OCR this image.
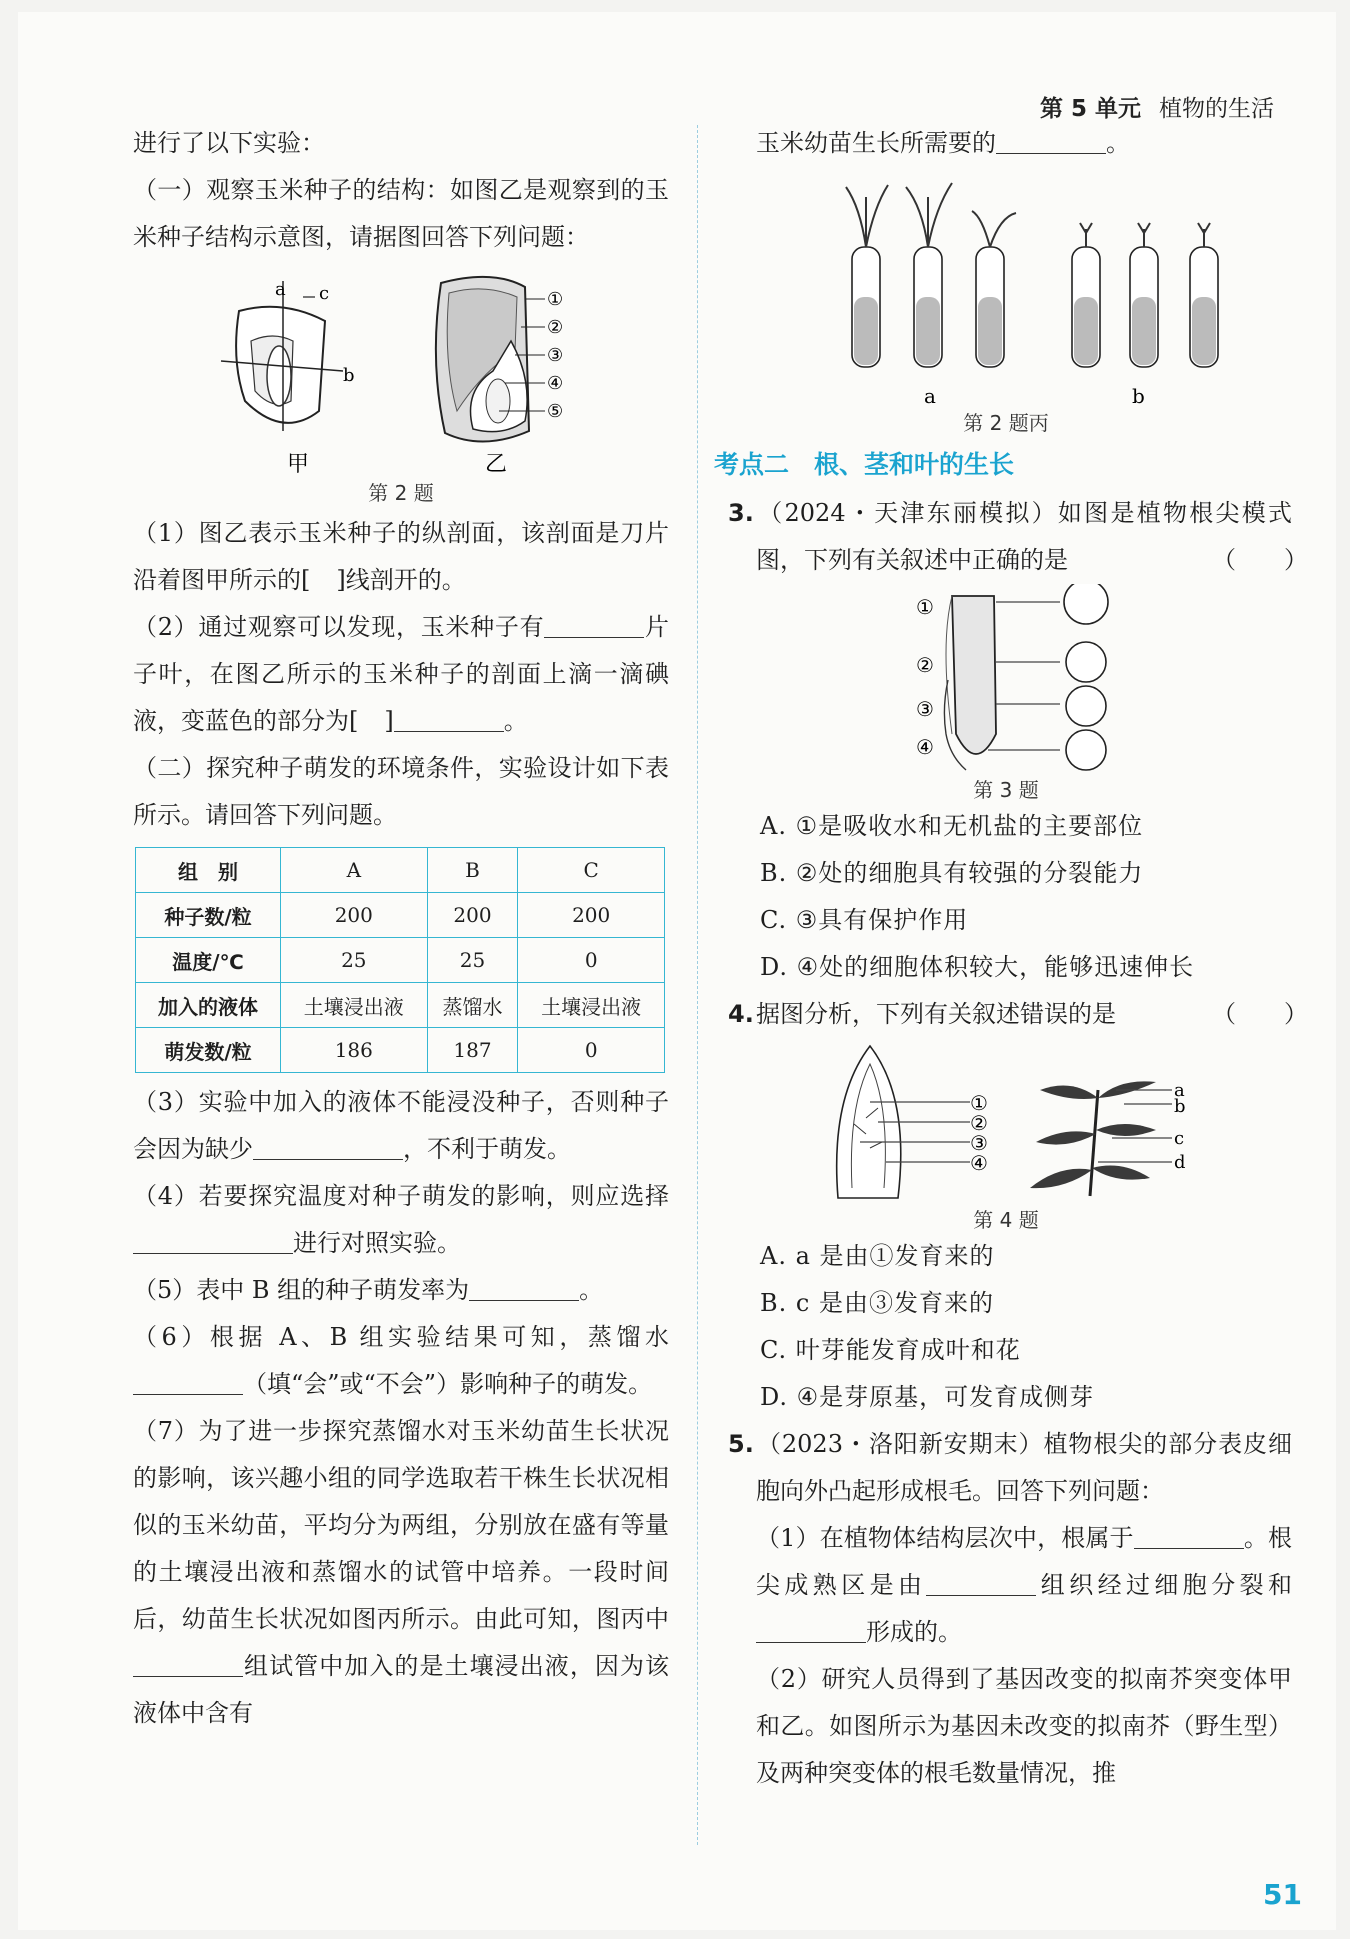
第 5 单元 植物的生活

进行了以下实验：

（一）观察玉米种子的结构：如图乙是观察到的玉米种子结构示意图，请据图回答下列问题：

a c
b
甲
①
②
③
④
⑤
乙
第 2 题

（1）图乙表示玉米种子的纵剖面，该剖面是刀片沿着图甲所示的[ ]线剖开的。

（2）通过观察可以发现，玉米种子有	片子叶，在图乙所示的玉米种子的剖面上滴一滴碘液，变蓝色的部分为[ ]	。

（二）探究种子萌发的环境条件，实验设计如下表所示。请回答下列问题。

组　别	A	B	C
种子数/粒	200	200	200
温度/℃	25	25	0
加入的液体	土壤浸出液	蒸馏水	土壤浸出液
萌发数/粒	186	187	0

（3）实验中加入的液体不能浸没种子，否则种子会因为缺少	，不利于萌发。

（4）若要探究温度对种子萌发的影响，则应选择进行对照实验。

（5）表中 B 组的种子萌发率为	。

（6）根据 A、B 组实验结果可知，蒸馏水（填“会”或“不会”）影响种子的萌发。

（7）为了进一步探究蒸馏水对玉米幼苗生长状况的影响，该兴趣小组的同学选取若干株生长状况相似的玉米幼苗，平均分为两组，分别放在盛有等量的土壤浸出液和蒸馏水的试管中培养。一段时间后，幼苗生长状况如图丙所示。由此可知，图丙中组试管中加入的是土壤浸出液，因为该液体中含有

玉米幼苗生长所需要的	。

a	b
第 2 题丙
考点二　根、茎和叶的生长

3.（2024・天津东丽模拟）如图是植物根尖模式图，下列有关叙述中正确的是	（　　）

①
②
③
④
第 3 题
A. ①是吸收水和无机盐的主要部位
B. ②处的细胞具有较强的分裂能力
C. ③具有保护作用
D. ④处的细胞体积较大，能够迅速伸长

4.据图分析，下列有关叙述错误的是	（　　）

①
②
③
④
a
b
c
d
第 4 题
A. a 是由①发育来的
B. c 是由③发育来的
C. 叶芽能发育成叶和花
D. ④是芽原基，可发育成侧芽

5.（2023・洛阳新安期末）植物根尖的部分表皮细胞向外凸起形成根毛。回答下列问题：

（1）在植物体结构层次中，根属于	。根尖成熟区是由	组织经过细胞分裂和形成的。

（2）研究人员得到了基因改变的拟南芥突变体甲和乙。如图所示为基因未改变的拟南芥（野生型）及两种突变体的根毛数量情况，推

51
